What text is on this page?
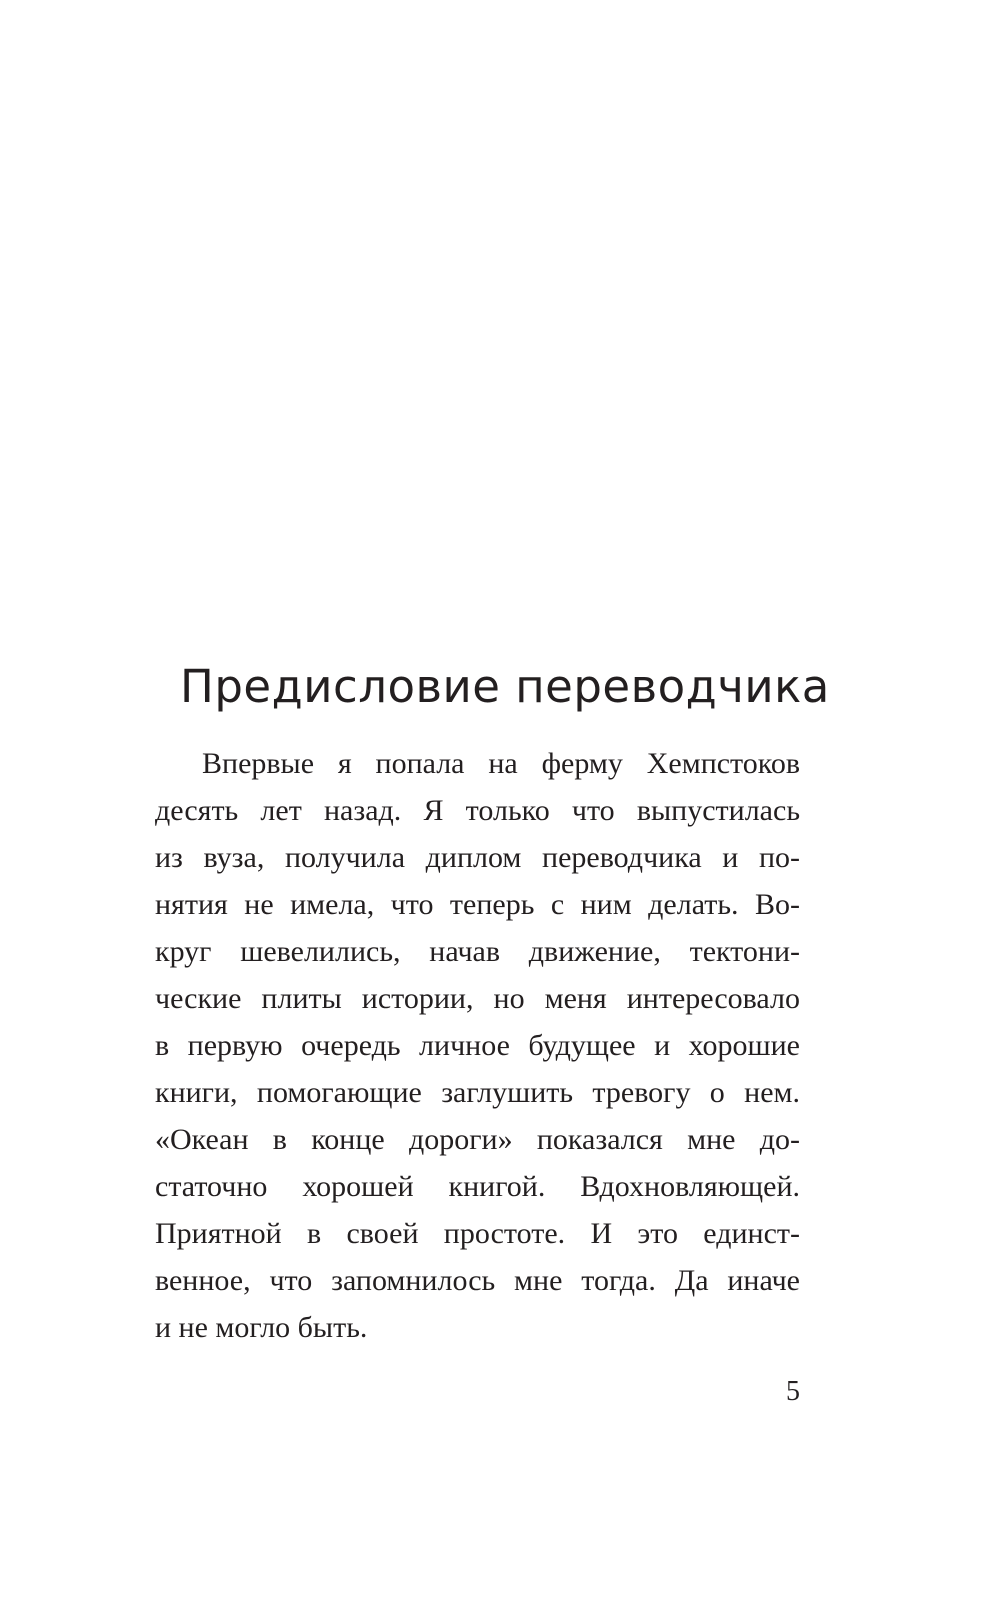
Предисловие переводчика
Впервые я попала на ферму Хемпстоков
десять лет назад. Я только что выпустилась
из вуза, получила диплом переводчика и по-
нятия не имела, что теперь с ним делать. Во-
круг шевелились, начав движение, тектони-
ческие плиты истории, но меня интересовало
в первую очередь личное будущее и хорошие
книги, помогающие заглушить тревогу о нем.
«Океан в конце дороги» показался мне до-
статочно хорошей книгой. Вдохновляющей.
Приятной в своей простоте. И это единст-
венное, что запомнилось мне тогда. Да иначе
и не могло быть.
5
